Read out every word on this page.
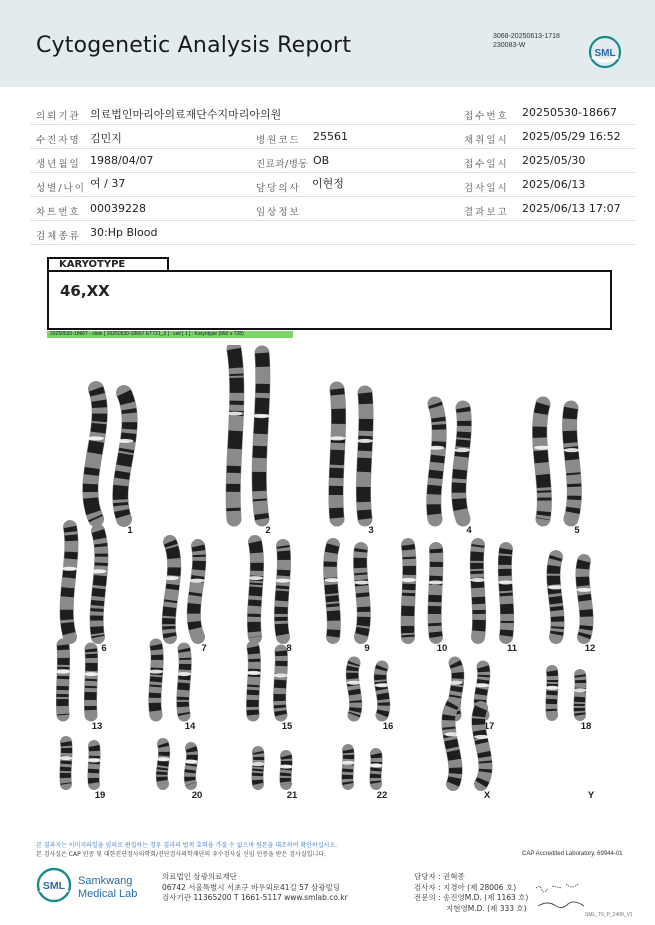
Cytogenetic Analysis Report	3068-20250613-1718
230083-W
SML
의뢰기관 의료법인마리아의료재단수지마리아의원	접수번호 20250530-18667
수진자명 김민지	병원코드 25561	채취일시 2025/05/29 16:52
생년월일 1988/04/07	진료과/병동 OB	접수일시 2025/05/30
성별/나이 여 / 37	담당의사 이현정	검사일시 2025/06/13
차트번호 00039228	임상정보	결과보고 2025/06/13 17:07
검체종류 30:Hp Blood
KARYOTYPE
46,XX
20250530-18667 - slide [ 20250530-18667 ET721_3 ] : cell [ 1 ] : Karyotype (992 x 728)
1	2	3	4	5
6	7	8	9	10	11	12
13	14	15	16	17	18
19	20	21	22	X	Y
본 결과지는 이미지파일을 임의로 편집하는 경우 결과의 법적 효력을 가질 수 없으며 원본을 대조하여 확인하십시오.
본 검사실은 CAP 인증 및 대한진단검사의학회/진단검사의학재단의 우수검사실 신임 인증을 받은 검사실입니다.	CAP Accredited Laboratory. 69944-01
SML Samkwang
Medical Lab
의료법인 삼광의료재단
06742 서울특별시 서초구 바우뫼로41길 57 삼광빌딩
검사기관 11365200 T 1661-5117 www.smlab.co.kr
담당자 : 권혁종
검사자 : 지경아 (제 28006 호)
전문의 : 송진영M.D. (제 1163 호)
지현영M.D. (제 333 호)
SML_T6_P_2408_V1
